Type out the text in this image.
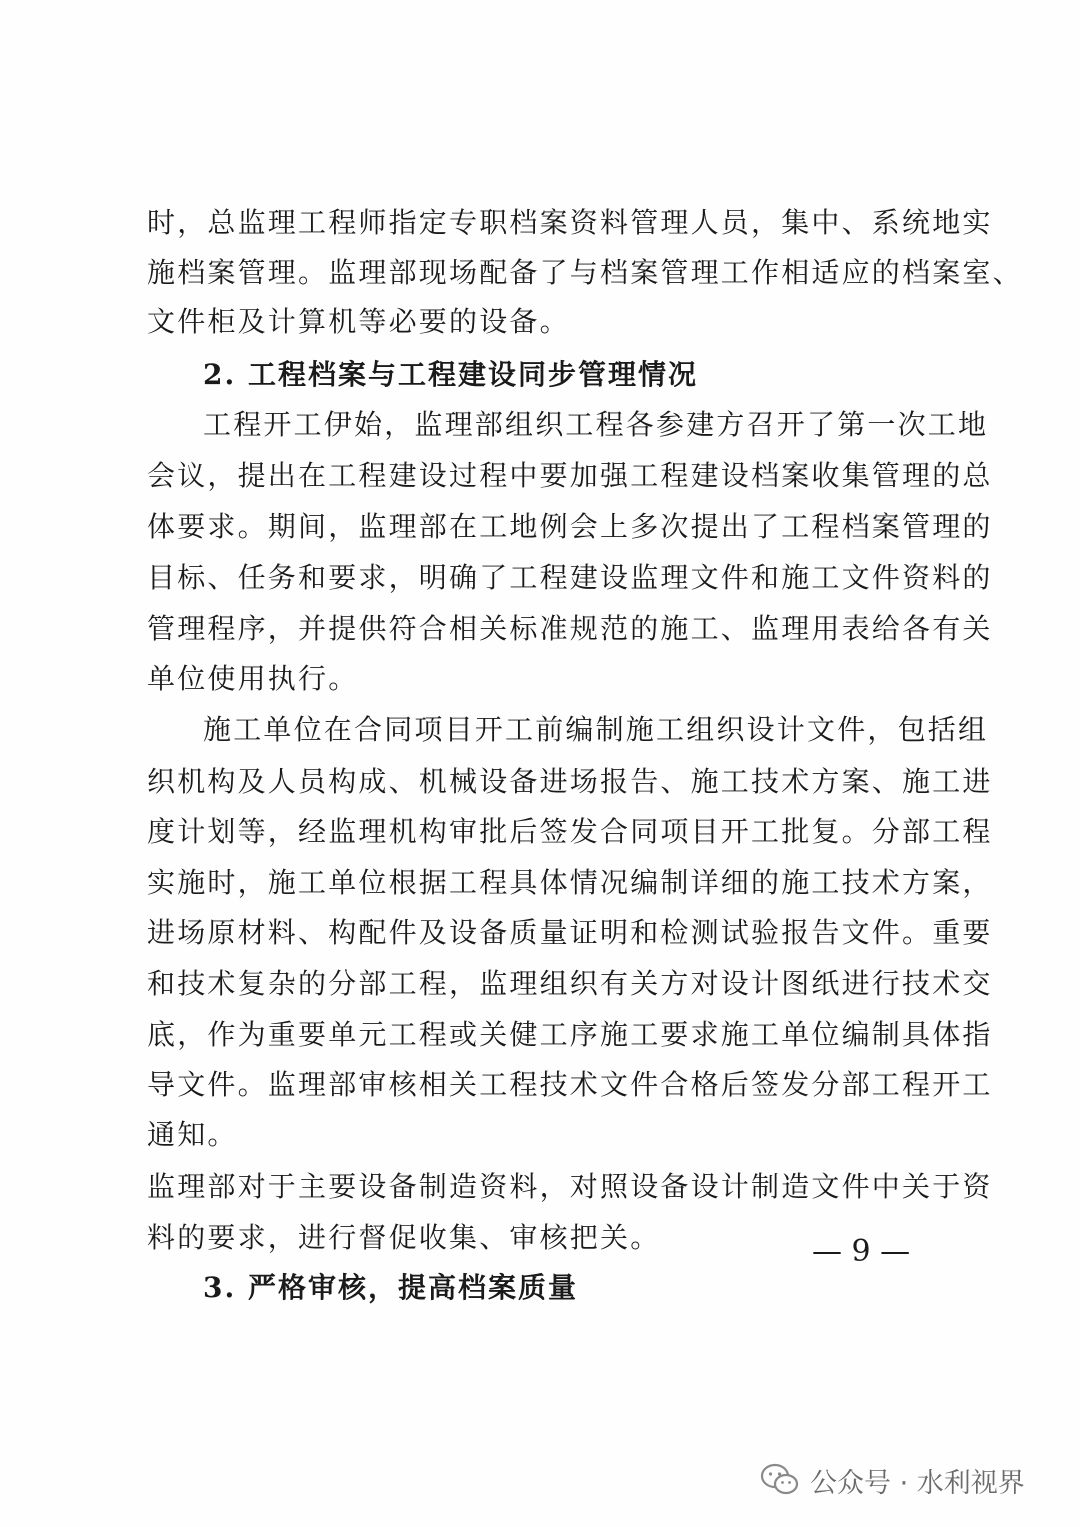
时，总监理工程师指定专职档案资料管理人员，集中、系统地实
施档案管理。监理部现场配备了与档案管理工作相适应的档案室、
文件柜及计算机等必要的设备。
2. 工程档案与工程建设同步管理情况
工程开工伊始，监理部组织工程各参建方召开了第一次工地
会议，提出在工程建设过程中要加强工程建设档案收集管理的总
体要求。期间，监理部在工地例会上多次提出了工程档案管理的
目标、任务和要求，明确了工程建设监理文件和施工文件资料的
管理程序，并提供符合相关标准规范的施工、监理用表给各有关
单位使用执行。
施工单位在合同项目开工前编制施工组织设计文件，包括组
织机构及人员构成、机械设备进场报告、施工技术方案、施工进
度计划等，经监理机构审批后签发合同项目开工批复。分部工程
实施时，施工单位根据工程具体情况编制详细的施工技术方案，
进场原材料、构配件及设备质量证明和检测试验报告文件。重要
和技术复杂的分部工程，监理组织有关方对设计图纸进行技术交
底，作为重要单元工程或关健工序施工要求施工单位编制具体指
导文件。监理部审核相关工程技术文件合格后签发分部工程开工
通知。
监理部对于主要设备制造资料，对照设备设计制造文件中关于资
料的要求，进行督促收集、审核把关。
3. 严格审核，提高档案质量
— 9 —
公众号 · 水利视界
